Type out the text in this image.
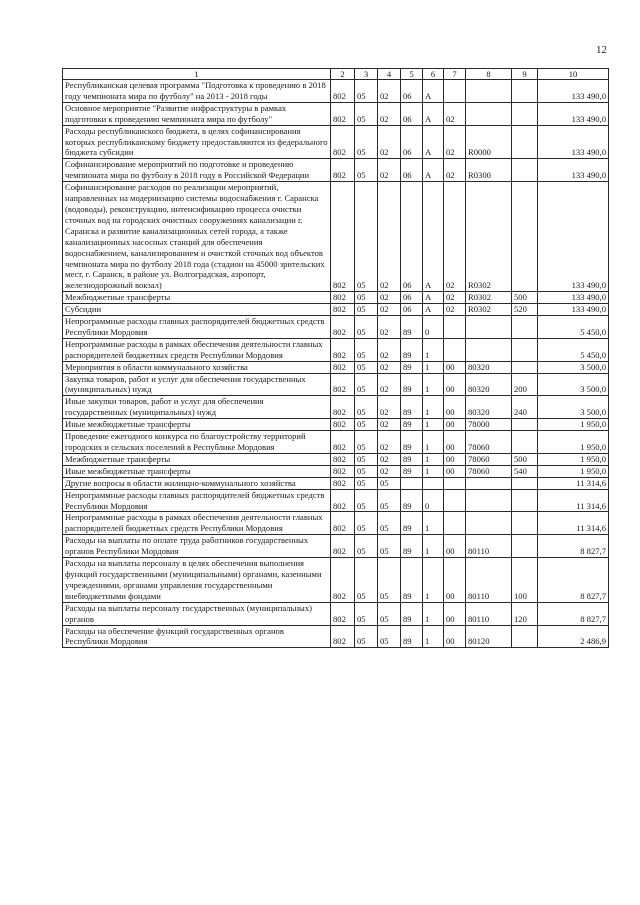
12
1	2	3	4	5	6	7	8	9	10
Республиканская целевая программа "Подготовка к проведению в 2018 году чемпионата мира по футболу" на 2013 - 2018 годы	802	05	02	06	А				133 490,0
Основное мероприятие "Развитие инфраструктуры в рамках подготовки к проведению чемпионата мира по футболу"	802	05	02	06	А	02			133 490,0
Расходы республиканского бюджета, в целях софинансирования которых республиканскому бюджету предоставляются из федерального бюджета субсидии	802	05	02	06	А	02	R0000		133 490,0
Софинансирование мероприятий по подготовке и проведению чемпионата мира по футболу в 2018 году в Российской Федерации	802	05	02	06	А	02	R0300		133 490,0
Софинансирование расходов по реализации мероприятий, направленных на модернизацию системы водоснабжения г. Саранска (водоводы), реконструкцию, интенсификацию процесса очистки сточных вод на городских очистных сооружениях канализации г. Саранска и развитие канализационных сетей города, а также канализационных насосных станций для обеспечения водоснабжением, канализированием и очисткой сточных вод объектов чемпионата мира по футболу 2018 года (стадион на 45000 зрительских мест, г. Саранск, в районе ул. Волгоградская, аэропорт, железнодорожный вокзал)	802	05	02	06	А	02	R0302		133 490,0
Межбюджетные трансферты	802	05	02	06	А	02	R0302	500	133 490,0
Субсидии	802	05	02	06	А	02	R0302	520	133 490,0
Непрограммные расходы главных распорядителей бюджетных средств Республики Мордовия	802	05	02	89	0				5 450,0
Непрограммные расходы в рамках обеспечения деятельности главных распорядителей бюджетных средств Республики Мордовия	802	05	02	89	1				5 450,0
Мероприятия в области коммунального хозяйства	802	05	02	89	1	00	80320		3 500,0
Закупка товаров, работ и услуг для обеспечения государственных (муниципальных) нужд	802	05	02	89	1	00	80320	200	3 500,0
Иные закупки товаров, работ и услуг для обеспечения государственных (муниципальных) нужд	802	05	02	89	1	00	80320	240	3 500,0
Иные межбюджетные трансферты	802	05	02	89	1	00	78000		1 950,0
Проведение ежегодного конкурса по благоустройству территорий городских и сельских поселений в Республике Мордовия	802	05	02	89	1	00	78060		1 950,0
Межбюджетные трансферты	802	05	02	89	1	00	78060	500	1 950,0
Иные межбюджетные трансферты	802	05	02	89	1	00	78060	540	1 950,0
Другие вопросы в области жилищно-коммунального хозяйства	802	05	05						11 314,6
Непрограммные расходы главных распорядителей бюджетных средств Республики Мордовия	802	05	05	89	0				11 314,6
Непрограммные расходы в рамках обеспечения деятельности главных распорядителей бюджетных средств Республики Мордовия	802	05	05	89	1				11 314,6
Расходы на выплаты по оплате труда работников государственных органов Республики Мордовия	802	05	05	89	1	00	80110		8 827,7
Расходы на выплаты персоналу в целях обеспечения выполнения функций государственными (муниципальными) органами, казенными учреждениями, органами управления государственными внебюджетными фондами	802	05	05	89	1	00	80110	100	8 827,7
Расходы на выплаты персоналу государственных (муниципальных) органов	802	05	05	89	1	00	80110	120	8 827,7
Расходы на обеспечение функций государственных органов Республики Мордовия	802	05	05	89	1	00	80120		2 486,9
